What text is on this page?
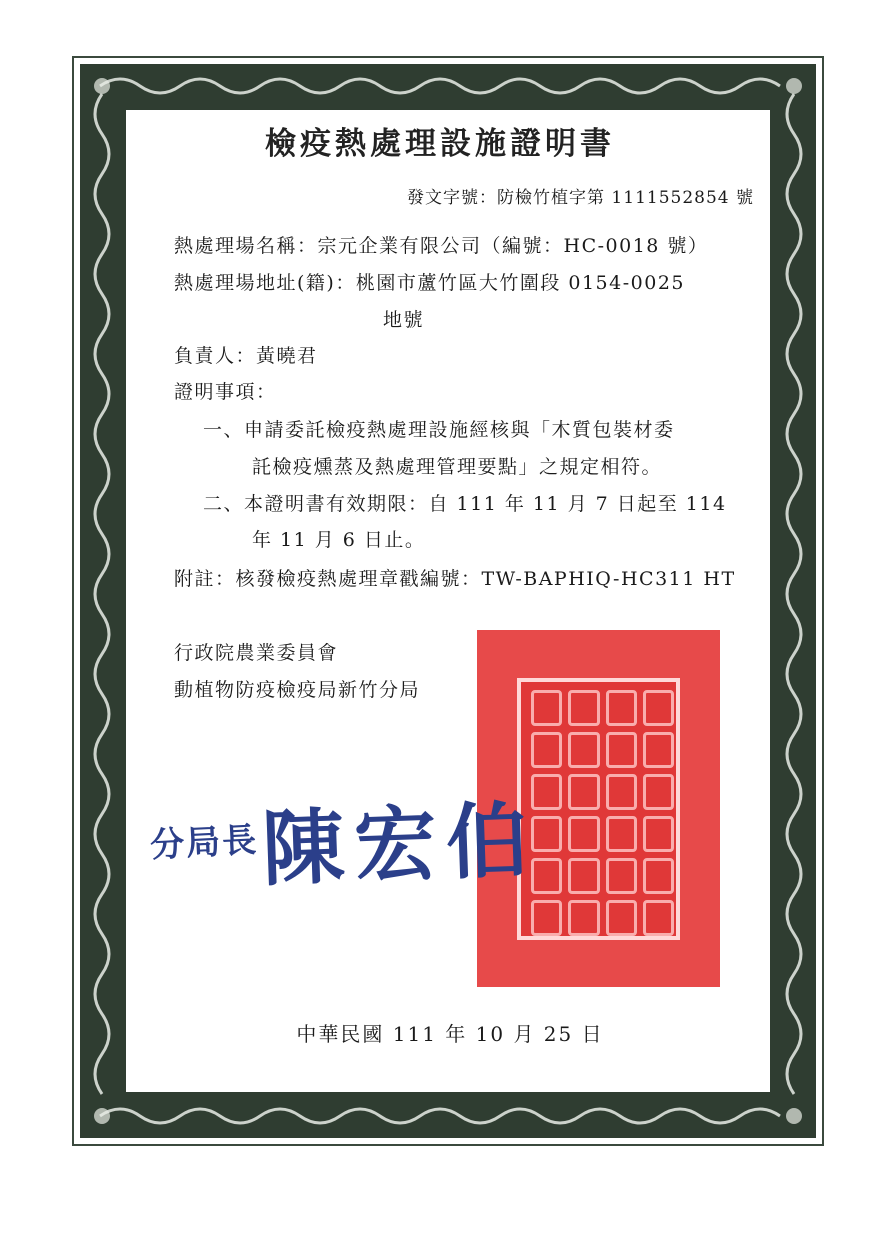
檢疫熱處理設施證明書
發文字號：防檢竹植字第 1111552854 號
熱處理場名稱：宗元企業有限公司（編號：HC-0018 號）
熱處理場地址(籍)：桃園市蘆竹區大竹圍段 0154-0025
地號
負責人：黃曉君
證明事項：
一、申請委託檢疫熱處理設施經核與「木質包裝材委
託檢疫燻蒸及熱處理管理要點」之規定相符。
二、本證明書有效期限：自 111 年 11 月 7 日起至 114
年 11 月 6 日止。
附註：核發檢疫熱處理章戳編號：TW-BAPHIQ-HC311 HT
行政院農業委員會
動植物防疫檢疫局新竹分局
分局長 陳宏伯
中華民國 111 年 10 月 25 日
